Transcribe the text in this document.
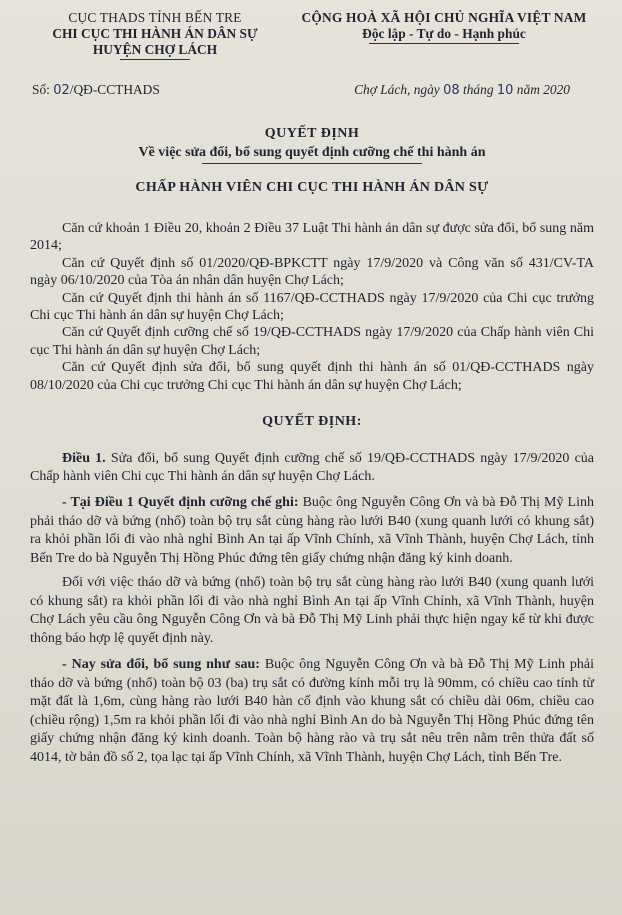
CỤC THADS TỈNH BẾN TRE
CHI CỤC THI HÀNH ÁN DÂN SỰ
HUYỆN CHỢ LÁCH
CỘNG HOÀ XÃ HỘI CHỦ NGHĨA VIỆT NAM
Độc lập - Tự do - Hạnh phúc
Số: 02/QĐ-CCTHADS	Chợ Lách, ngày 08 tháng 10 năm 2020
QUYẾT ĐỊNH
Về việc sửa đổi, bổ sung quyết định cưỡng chế thi hành án
CHẤP HÀNH VIÊN CHI CỤC THI HÀNH ÁN DÂN SỰ

Căn cứ khoản 1 Điều 20, khoản 2 Điều 37 Luật Thi hành án dân sự được sửa đổi, bổ sung năm 2014;

Căn cứ Quyết định số 01/2020/QĐ-BPKCTT ngày 17/9/2020 và Công văn số 431/CV-TA ngày 06/10/2020 của Tòa án nhân dân huyện Chợ Lách;

Căn cứ Quyết định thi hành án số 1167/QĐ-CCTHADS ngày 17/9/2020 của Chi cục trưởng Chi cục Thi hành án dân sự huyện Chợ Lách;

Căn cứ Quyết định cưỡng chế số 19/QĐ-CCTHADS ngày 17/9/2020 của Chấp hành viên Chi cục Thi hành án dân sự huyện Chợ Lách;

Căn cứ Quyết định sửa đổi, bổ sung quyết định thi hành án số 01/QĐ-CCTHADS ngày 08/10/2020 của Chi cục trưởng Chi cục Thi hành án dân sự huyện Chợ Lách;

QUYẾT ĐỊNH:

Điều 1. Sửa đổi, bổ sung Quyết định cưỡng chế số 19/QĐ-CCTHADS ngày 17/9/2020 của Chấp hành viên Chi cục Thi hành án dân sự huyện Chợ Lách.

- Tại Điều 1 Quyết định cưỡng chế ghi: Buộc ông Nguyễn Công Ơn và bà Đỗ Thị Mỹ Linh phải tháo dỡ và bứng (nhổ) toàn bộ trụ sắt cùng hàng rào lưới B40 (xung quanh lưới có khung sắt) ra khỏi phần lối đi vào nhà nghỉ Bình An tại ấp Vĩnh Chính, xã Vĩnh Thành, huyện Chợ Lách, tỉnh Bến Tre do bà Nguyễn Thị Hồng Phúc đứng tên giấy chứng nhận đăng ký kinh doanh.

Đối với việc tháo dỡ và bứng (nhổ) toàn bộ trụ sắt cùng hàng rào lưới B40 (xung quanh lưới có khung sắt) ra khỏi phần lối đi vào nhà nghỉ Bình An tại ấp Vĩnh Chính, xã Vĩnh Thành, huyện Chợ Lách yêu cầu ông Nguyễn Công Ơn và bà Đỗ Thị Mỹ Linh phải thực hiện ngay kể từ khi được thông báo hợp lệ quyết định này.

- Nay sửa đổi, bổ sung như sau: Buộc ông Nguyễn Công Ơn và bà Đỗ Thị Mỹ Linh phải tháo dỡ và bứng (nhổ) toàn bộ 03 (ba) trụ sắt có đường kính mỗi trụ là 90mm, có chiều cao tính từ mặt đất là 1,6m, cùng hàng rào lưới B40 hàn cố định vào khung sắt có chiều dài 06m, chiều cao (chiều rộng) 1,5m ra khỏi phần lối đi vào nhà nghỉ Bình An do bà Nguyễn Thị Hồng Phúc đứng tên giấy chứng nhận đăng ký kinh doanh. Toàn bộ hàng rào và trụ sắt nêu trên nằm trên thửa đất số 4014, tờ bản đồ số 2, tọa lạc tại ấp Vĩnh Chính, xã Vĩnh Thành, huyện Chợ Lách, tỉnh Bến Tre.
